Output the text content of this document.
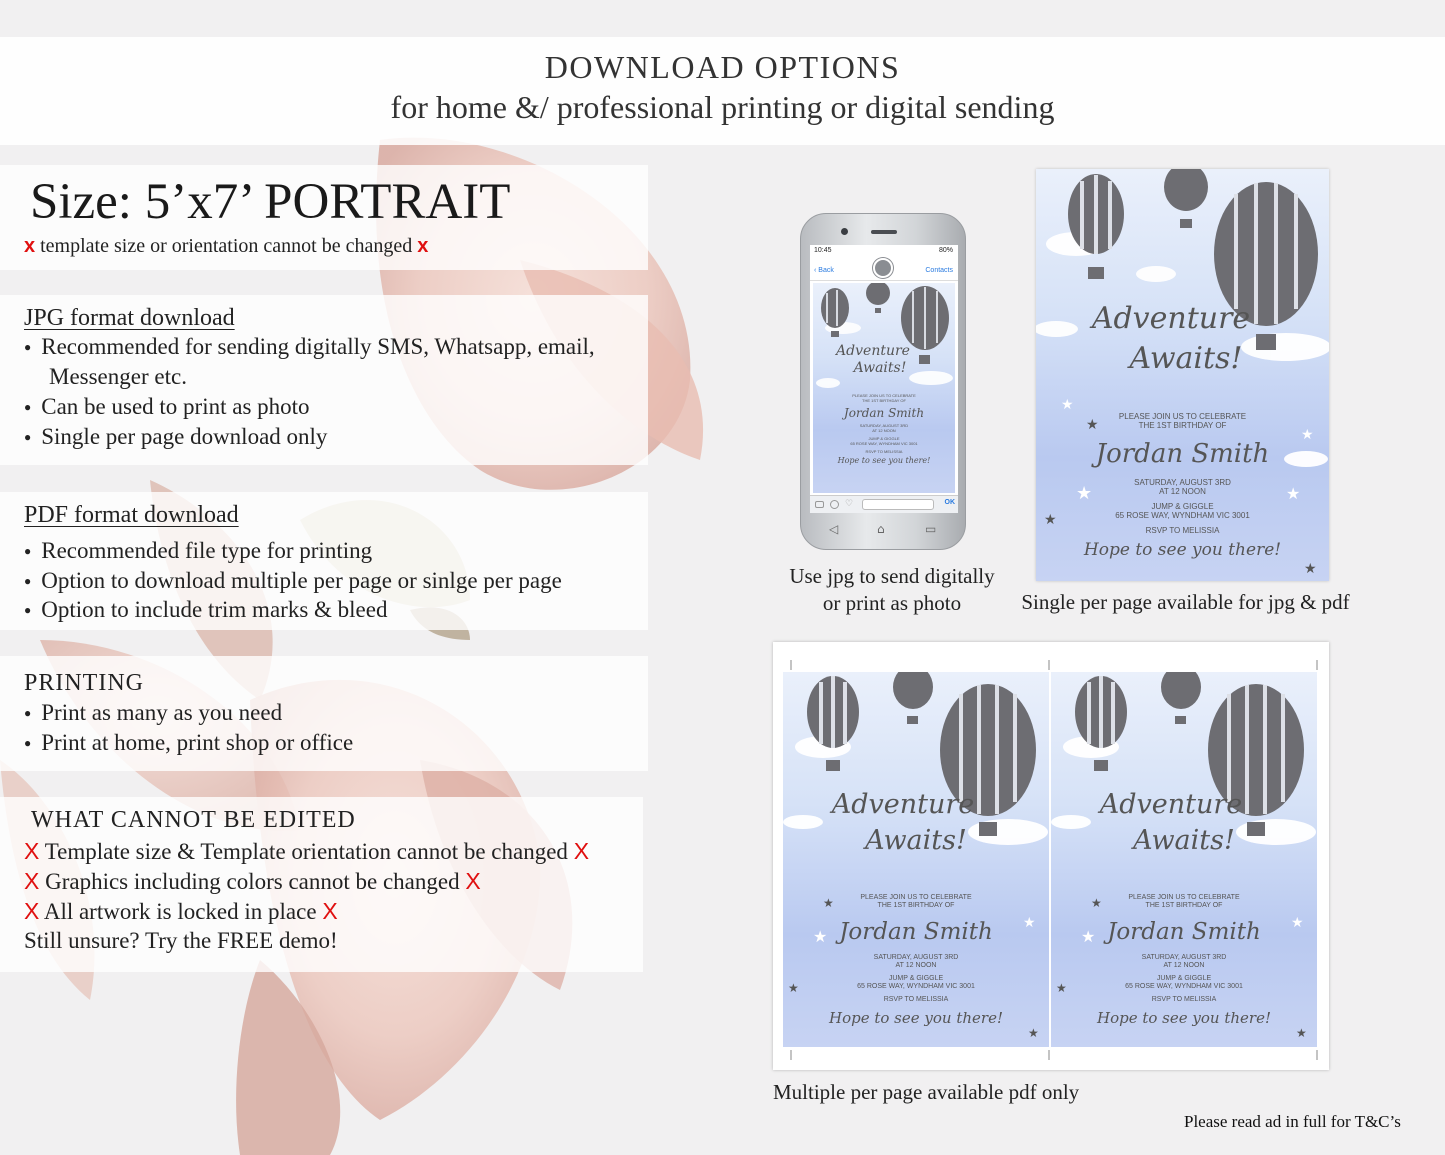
DOWNLOAD OPTIONS
for home &/ professional printing or digital sending
Size: 5’x7’ PORTRAIT
x template size or orientation cannot be changed x
JPG format download
● Recommended for sending digitally SMS, Whatsapp, email,
Messenger etc.
● Can be used to print as photo
● Single per page download only
PDF format download
● Recommended file type for printing
● Option to download multiple per page or sinlge per page
● Option to include trim marks & bleed
PRINTING
● Print as many as you need
● Print at home, print shop or office
WHAT CANNOT BE EDITED
X Template size & Template orientation cannot be changed X
X Graphics including colors cannot be changed X
X All artwork is locked in place X
Still unsure? Try the FREE demo!
10:45	80%
‹ Back	Contacts
Adventure
Awaits!
PLEASE JOIN US TO CELEBRATE
THE 1ST BIRTHDAY OF
Jordan Smith
SATURDAY, AUGUST 3RD
AT 12 NOON
JUMP & GIGGLE
65 ROSE WAY, WYNDHAM VIC 3001
RSVP TO MELISSIA
Hope to see you there!
♡	OK
◁	⌂	▭
Use jpg to send digitally
or print as photo
★
★
★
★
★
★
★
Adventure
Awaits!
PLEASE JOIN US TO CELEBRATE
THE 1ST BIRTHDAY OF
Jordan Smith
SATURDAY, AUGUST 3RD
AT 12 NOON
JUMP & GIGGLE
65 ROSE WAY, WYNDHAM VIC 3001
RSVP TO MELISSIA
Hope to see you there!
Single per page available for jpg & pdf
★
★
★
★
★
Adventure
Awaits!
PLEASE JOIN US TO CELEBRATE
THE 1ST BIRTHDAY OF
Jordan Smith
SATURDAY, AUGUST 3RD
AT 12 NOON
JUMP & GIGGLE
65 ROSE WAY, WYNDHAM VIC 3001
RSVP TO MELISSIA
Hope to see you there!
★
★
★
★
★
Adventure
Awaits!
PLEASE JOIN US TO CELEBRATE
THE 1ST BIRTHDAY OF
Jordan Smith
SATURDAY, AUGUST 3RD
AT 12 NOON
JUMP & GIGGLE
65 ROSE WAY, WYNDHAM VIC 3001
RSVP TO MELISSIA
Hope to see you there!
Multiple per page available pdf only
Please read ad in full for T&C’s
